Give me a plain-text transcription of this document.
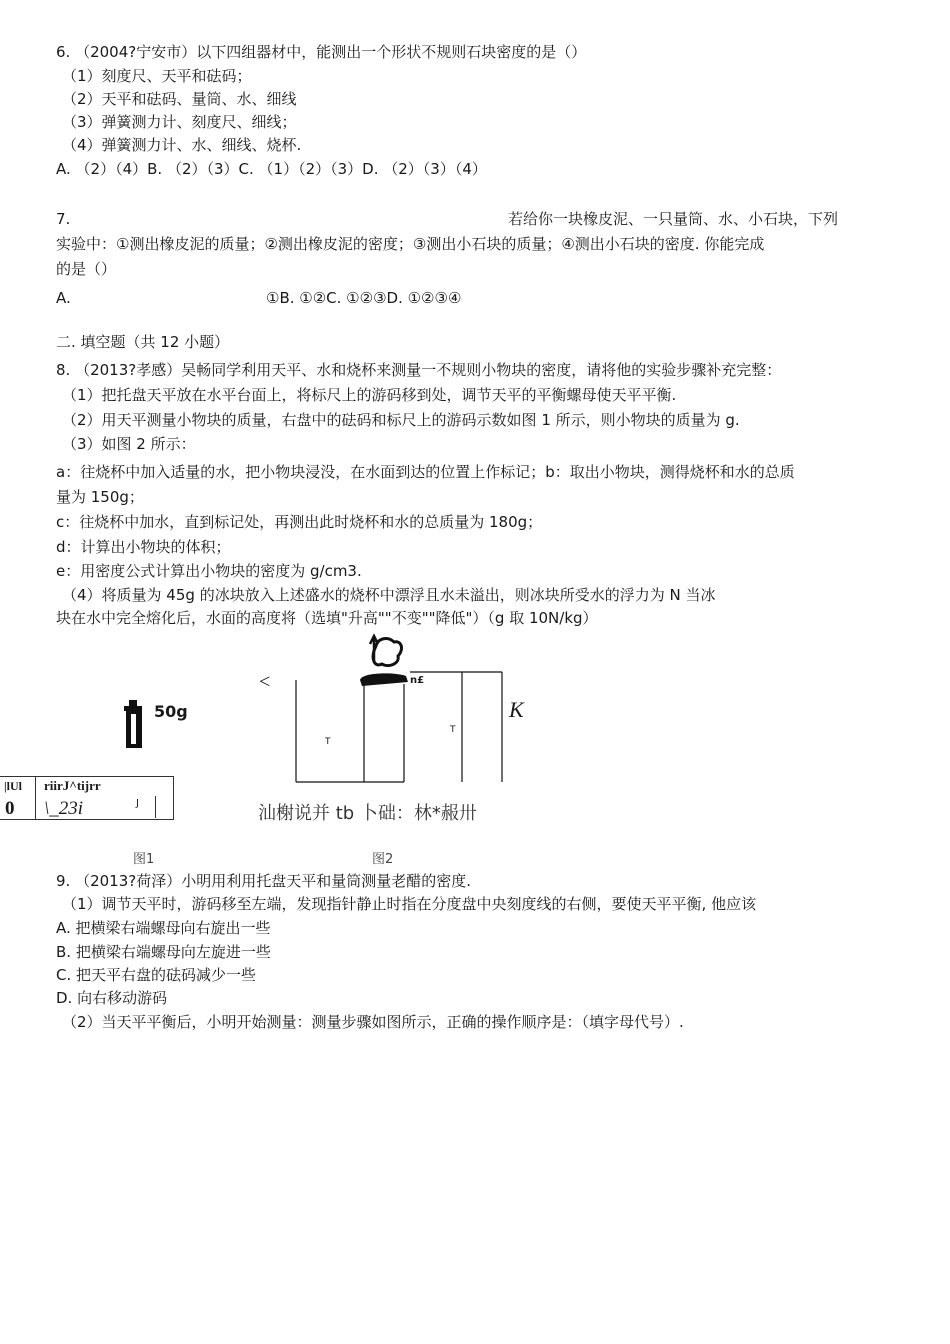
6. （2004?宁安市）以下四组器材中，能测出一个形状不规则石块密度的是（）
（1）刻度尺、天平和砝码；
（2）天平和砝码、量筒、水、细线
（3）弹簧测力计、刻度尺、细线；
（4）弹簧测力计、水、细线、烧杯.
A. （2）（4）B. （2）（3）C. （1）（2）（3）D. （2）（3）（4）
7.	若给你一块橡皮泥、一只量筒、水、小石块，下列
实验中：①测出橡皮泥的质量；②测出橡皮泥的密度；③测出小石块的质量；④测出小石块的密度. 你能完成
的是（）
A.	①B. ①②C. ①②③D. ①②③④
二. 填空题（共 12 小题）
8. （2013?孝感）吴畅同学利用天平、水和烧杯来测量一不规则小物块的密度，请将他的实验步骤补充完整：
（1）把托盘天平放在水平台面上，将标尺上的游码移到处，调节天平的平衡螺母使天平平衡.
（2）用天平测量小物块的质量，右盘中的砝码和标尺上的游码示数如图 1 所示，则小物块的质量为 g.
（3）如图 2 所示：
a：往烧杯中加入适量的水，把小物块浸没，在水面到达的位置上作标记；b：取出小物块，测得烧杯和水的总质
量为 150g；
c：往烧杯中加水，直到标记处，再测出此时烧杯和水的总质量为 180g；
d：计算出小物块的体积；
e：用密度公式计算出小物块的密度为 g/cm3.
（4）将质量为 45g 的冰块放入上述盛水的烧杯中漂浮且水未溢出，则冰块所受水的浮力为 N 当冰
块在水中完全熔化后，水面的高度将（选填"升高""不变""降低"）（g 取 10N/kg）
50g
|lUl riirJ^tijrr
0 \_23i	J
<	n£
T
T
K
汕榭说并 tb 卜础：林*赧卅
图1	图2
9. （2013?荷泽）小明用利用托盘天平和量筒测量老醋的密度.
（1）调节天平时，游码移至左端，发现指针静止时指在分度盘中央刻度线的右侧，要使天平平衡, 他应该
A. 把横梁右端螺母向右旋出一些
B. 把横梁右端螺母向左旋进一些
C. 把天平右盘的砝码减少一些
D. 向右移动游码
（2）当天平平衡后，小明开始测量：测量步骤如图所示，正确的操作顺序是：（填字母代号）.
